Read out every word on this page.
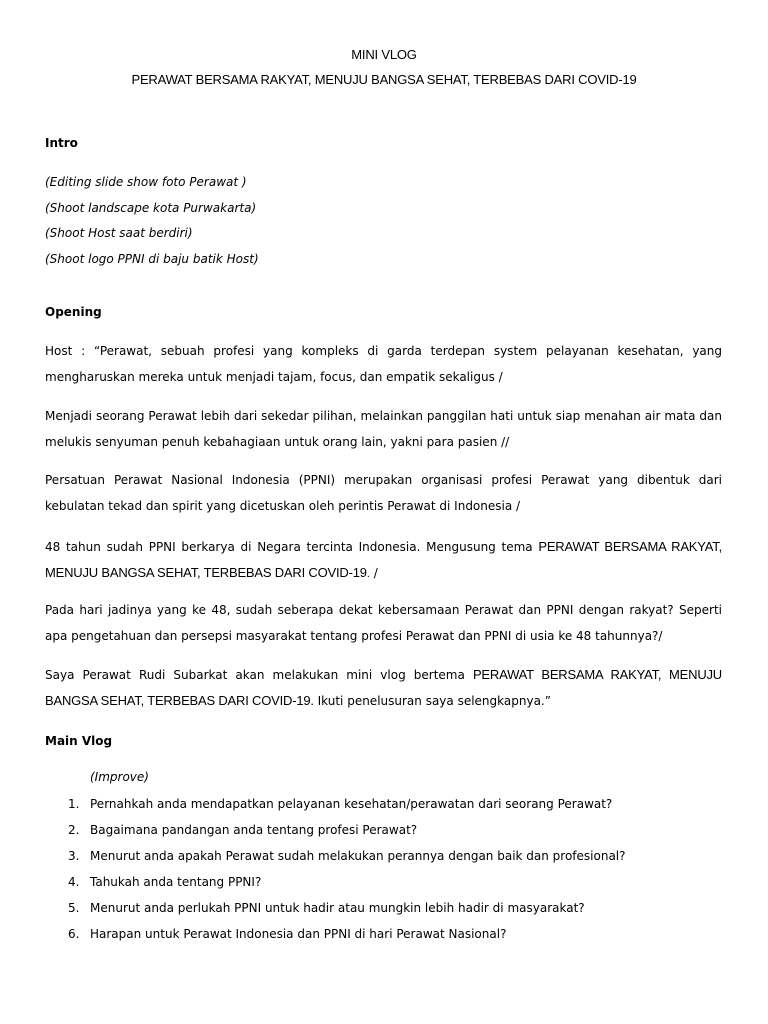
MINI VLOG
PERAWAT BERSAMA RAKYAT, MENUJU BANGSA SEHAT, TERBEBAS DARI COVID-19
Intro
(Editing slide show foto Perawat )
(Shoot landscape kota Purwakarta)
(Shoot Host saat berdiri)
(Shoot logo PPNI di baju batik Host)
Opening
Host : “Perawat, sebuah profesi yang kompleks di garda terdepan system pelayanan kesehatan, yang mengharuskan mereka untuk menjadi tajam, focus, dan empatik sekaligus /
Menjadi seorang Perawat lebih dari sekedar pilihan, melainkan panggilan hati untuk siap menahan air mata dan melukis senyuman penuh kebahagiaan untuk orang lain, yakni para pasien //
Persatuan Perawat Nasional Indonesia (PPNI) merupakan organisasi profesi Perawat yang dibentuk dari kebulatan tekad dan spirit yang dicetuskan oleh perintis Perawat di Indonesia /
48 tahun sudah PPNI berkarya di Negara tercinta Indonesia. Mengusung tema PERAWAT BERSAMA RAKYAT, MENUJU BANGSA SEHAT, TERBEBAS DARI COVID-19. /
Pada hari jadinya yang ke 48, sudah seberapa dekat kebersamaan Perawat dan PPNI dengan rakyat? Seperti apa pengetahuan dan persepsi masyarakat tentang profesi Perawat dan PPNI di usia ke 48 tahunnya?/
Saya Perawat Rudi Subarkat akan melakukan mini vlog bertema PERAWAT BERSAMA RAKYAT, MENUJU BANGSA SEHAT, TERBEBAS DARI COVID-19. Ikuti penelusuran saya selengkapnya.”
Main Vlog
(Improve)
1. Pernahkah anda mendapatkan pelayanan kesehatan/perawatan dari seorang Perawat?
2. Bagaimana pandangan anda tentang profesi Perawat?
3. Menurut anda apakah Perawat sudah melakukan perannya dengan baik dan profesional?
4. Tahukah anda tentang PPNI?
5. Menurut anda perlukah PPNI untuk hadir atau mungkin lebih hadir di masyarakat?
6. Harapan untuk Perawat Indonesia dan PPNI di hari Perawat Nasional?
